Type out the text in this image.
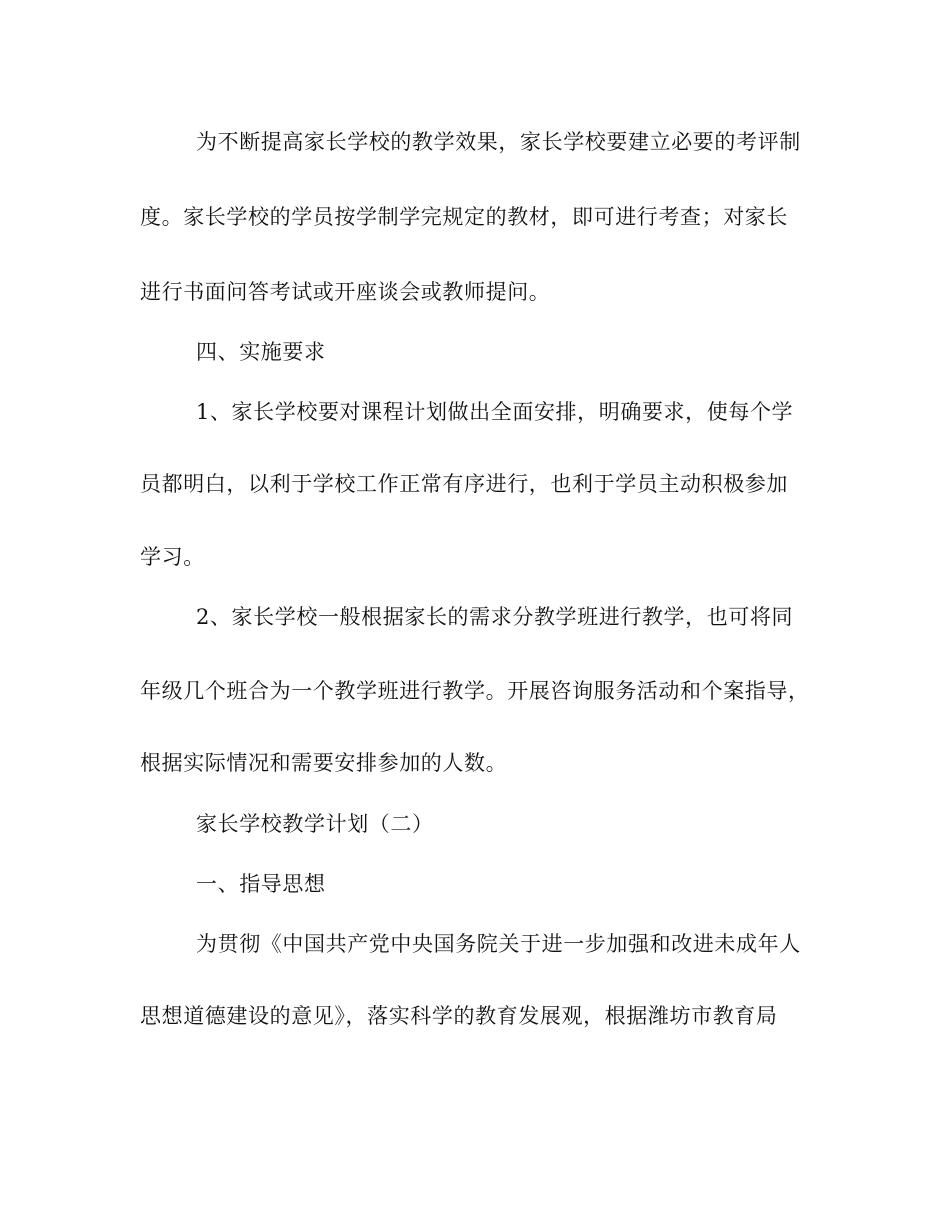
为不断提高家长学校的教学效果，家长学校要建立必要的考评制
度。家长学校的学员按学制学完规定的教材，即可进行考查；对家长
进行书面问答考试或开座谈会或教师提问。
四、实施要求
1、家长学校要对课程计划做出全面安排，明确要求，使每个学
员都明白，以利于学校工作正常有序进行，也利于学员主动积极参加
学习。
2、家长学校一般根据家长的需求分教学班进行教学，也可将同
年级几个班合为一个教学班进行教学。开展咨询服务活动和个案指导，
根据实际情况和需要安排参加的人数。
家长学校教学计划（二）
一、指导思想
为贯彻《中国共产党中央国务院关于进一步加强和改进未成年人
思想道德建设的意见》，落实科学的教育发展观，根据潍坊市教育局
